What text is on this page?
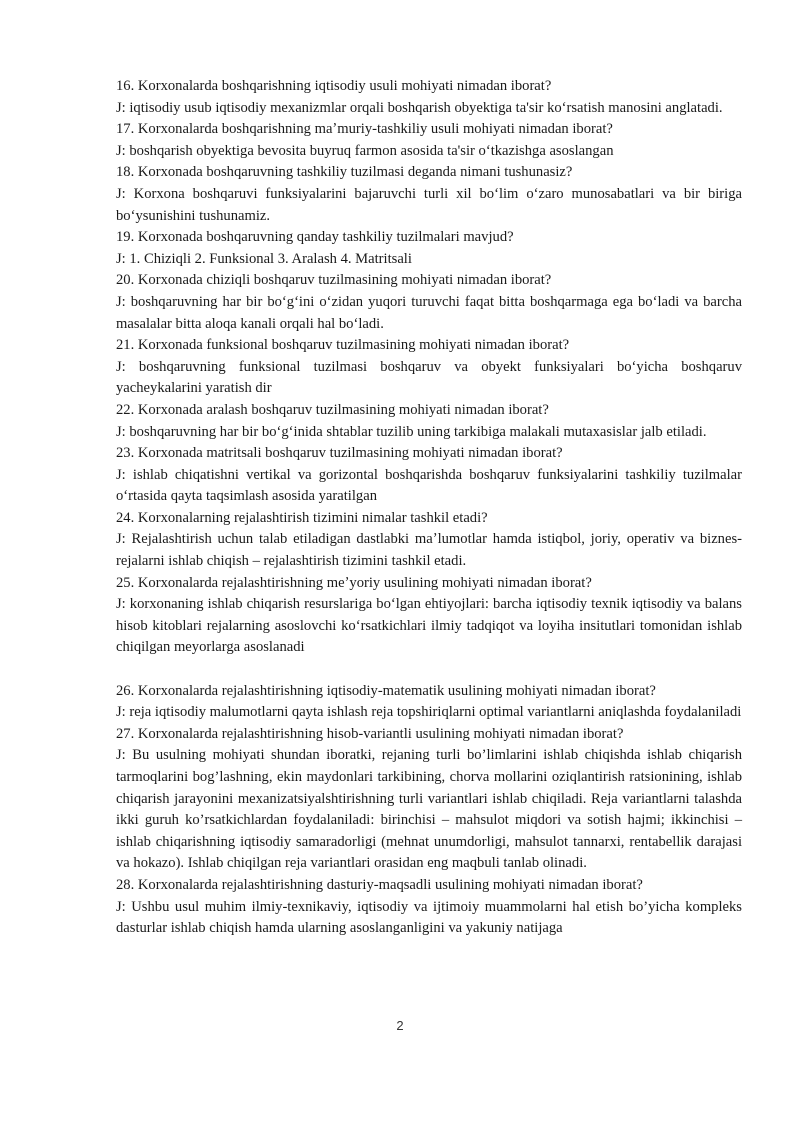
16. Korxonalarda boshqarishning iqtisodiy usuli mohiyati nimadan iborat?

J: iqtisodiy usub iqtisodiy mexanizmlar orqali boshqarish obyektiga ta'sir koʻrsatish manosini anglatadi.

17. Korxonalarda boshqarishning maʼmuriy-tashkiliy usuli mohiyati nimadan iborat?

J: boshqarish obyektiga bevosita buyruq farmon asosida ta'sir oʻtkazishga asoslangan

18. Korxonada boshqaruvning tashkiliy tuzilmasi deganda nimani tushunasiz?

J: Korxona boshqaruvi funksiyalarini bajaruvchi turli xil boʻlim oʻzaro munosabatlari va bir biriga boʻysunishini tushunamiz.

19. Korxonada boshqaruvning qanday tashkiliy tuzilmalari mavjud?

J: 1. Chiziqli 2. Funksional 3. Aralash 4. Matritsali

20. Korxonada chiziqli boshqaruv tuzilmasining mohiyati nimadan iborat?

J: boshqaruvning har bir boʻgʻini oʻzidan yuqori turuvchi faqat bitta boshqarmaga ega boʻladi va barcha masalalar bitta aloqa kanali orqali hal boʻladi.

21. Korxonada funksional boshqaruv tuzilmasining mohiyati nimadan iborat?

J: boshqaruvning funksional tuzilmasi boshqaruv va obyekt funksiyalari boʻyicha boshqaruv yacheykalarini yaratish dir

22. Korxonada aralash boshqaruv tuzilmasining mohiyati nimadan iborat?

J: boshqaruvning har bir boʻgʻinida shtablar tuzilib uning tarkibiga malakali mutaxasislar jalb etiladi.

23. Korxonada matritsali boshqaruv tuzilmasining mohiyati nimadan iborat?

J: ishlab chiqatishni vertikal va gorizontal boshqarishda boshqaruv funksiyalarini tashkiliy tuzilmalar oʻrtasida qayta taqsimlash asosida yaratilgan

24. Korxonalarning rejalashtirish tizimini nimalar tashkil etadi?

J: Rejalashtirish uchun talab etiladigan dastlabki maʼlumotlar hamda istiqbol, joriy, operativ va biznes-rejalarni ishlab chiqish – rejalashtirish tizimini tashkil etadi.

25. Korxonalarda rejalashtirishning meʼyoriy usulining mohiyati nimadan iborat?

J: korxonaning ishlab chiqarish resurslariga boʻlgan ehtiyojlari: barcha iqtisodiy texnik iqtisodiy va balans hisob kitoblari rejalarning asoslovchi koʻrsatkichlari ilmiy tadqiqot va loyiha insitutlari tomonidan ishlab chiqilgan meyorlarga asoslanadi

26. Korxonalarda rejalashtirishning iqtisodiy-matematik usulining mohiyati nimadan iborat?

J: reja iqtisodiy malumotlarni qayta ishlash reja topshiriqlarni optimal variantlarni aniqlashda foydalaniladi

27. Korxonalarda rejalashtirishning hisob-variantli usulining mohiyati nimadan iborat?

J: Bu usulning mohiyati shundan iboratki, rejaning turli bo’limlarini ishlab chiqishda ishlab chiqarish tarmoqlarini bog’lashning, ekin maydonlari tarkibining, chorva mollarini oziqlantirish ratsionining, ishlab chiqarish jarayonini mexanizatsiyalshtirishning turli variantlari ishlab chiqiladi. Reja variantlarni talashda ikki guruh ko’rsatkichlardan foydalaniladi: birinchisi – mahsulot miqdori va sotish hajmi; ikkinchisi –ishlab chiqarishning iqtisodiy samaradorligi (mehnat unumdorligi, mahsulot tannarxi, rentabellik darajasi va hokazo). Ishlab chiqilgan reja variantlari orasidan eng maqbuli tanlab olinadi.

28. Korxonalarda rejalashtirishning dasturiy-maqsadli usulining mohiyati nimadan iborat?

J: Ushbu usul muhim ilmiy-texnikaviy, iqtisodiy va ijtimoiy muammolarni hal etish bo’yicha kompleks dasturlar ishlab chiqish hamda ularning asoslanganligini va yakuniy natijaga

2
